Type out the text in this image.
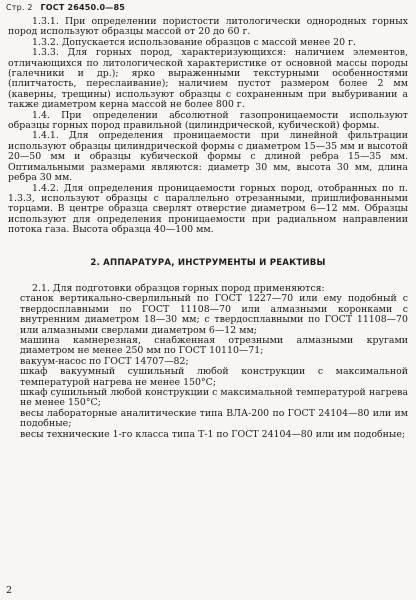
Стр. 2 ГОСТ 26450.0—85

1.3.1. При определении пористости литологически однородных горных пород используют образцы массой от 20 до 60 г.

1.3.2. Допускается использование образцов с массой менее 20 г.

1.3.3. Для горных пород, характеризующихся: наличием элементов, отличающихся по литологической характеристике от основной массы породы (галечники и др.); ярко выраженными текстурными особенностями (плитчатость, переслаивание); наличием пустот размером более 2 мм (каверны, трещины) используют образцы с сохраненным при выбуривании а также диаметром керна массой не более 800 г.

1.4. При определении абсолютной газопроницаемости используют образцы горных пород правильной (цилиндрической, кубической) формы.

1.4.1. Для определения проницаемости при линейной фильтрации используют образцы цилиндрической формы с диаметром 15—35 мм и высотой 20—50 мм и образцы кубической формы с длиной ребра 15—35 мм. Оптимальными размерами являются: диаметр 30 мм, высота 30 мм, длина ребра 30 мм.

1.4.2. Для определения проницаемости горных пород, отобранных по п. 1.3.3, используют образцы с параллельно отрезанными, пришлифованными торцами. В центре образца сверлят отверстие диаметром 6—12 мм. Образцы используют для определения проницаемости при радиальном направлении потока газа. Высота образца 40—100 мм.

2. АППАРАТУРА, ИНСТРУМЕНТЫ И РЕАКТИВЫ

2.1. Для подготовки образцов горных пород применяются:

станок вертикально-сверлильный по ГОСТ 1227—70 или ему подобный с твердосплавными по ГОСТ 11108—70 или алмазными коронками с внутренним диаметром 18—30 мм; с твердосплавными по ГОСТ 11108—70 или алмазными сверлами диаметром 6—12 мм;

машина камнерезная, снабженная отрезными алмазными кругами диаметром не менее 250 мм по ГОСТ 10110—71;

вакуум-насос по ГОСТ 14707—82;

шкаф вакуумный сушильный любой конструкции с максимальной температурой нагрева не менее 150°С;

шкаф сушильный любой конструкции с максимальной температурой нагрева не менее 150°С;

весы лабораторные аналитические типа ВЛА-200 по ГОСТ 24104—80 или им подобные;

весы технические 1-го класса типа Т-1 по ГОСТ 24104—80 или им подобные;

2
